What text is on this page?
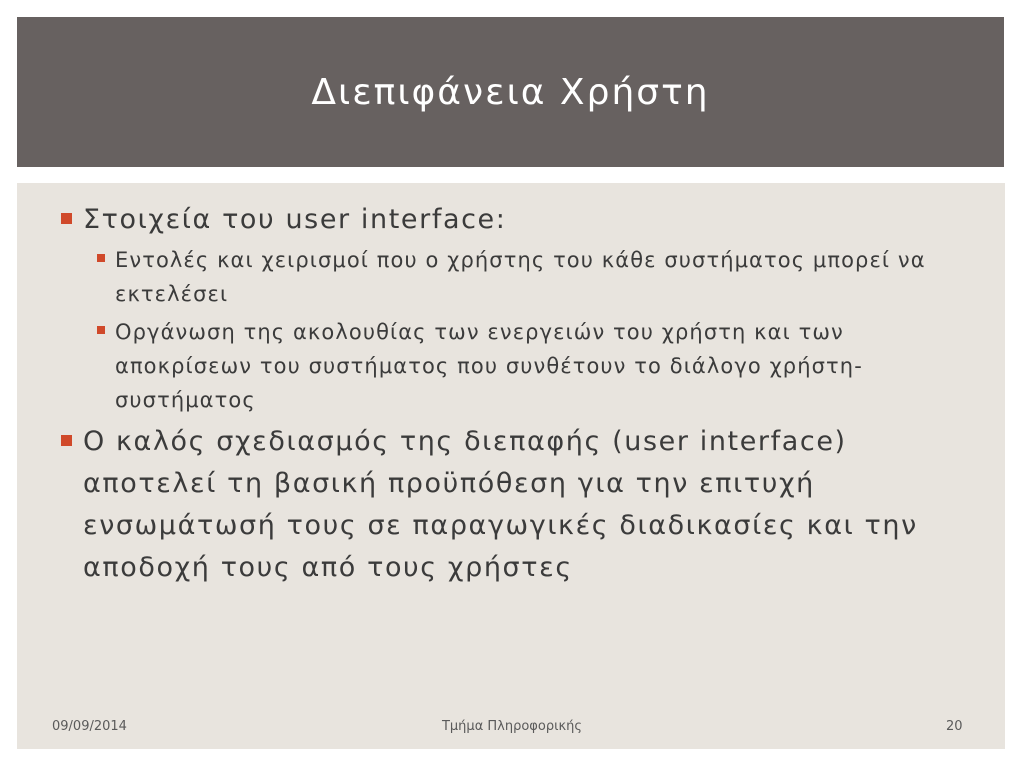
Διεπιφάνεια Χρήστη
Στοιχεία του user interface:
Εντολές και χειρισμοί που ο χρήστης του κάθε συστήματος μπορεί να εκτελέσει
Οργάνωση της ακολουθίας των ενεργειών του χρήστη και των αποκρίσεων του συστήματος που συνθέτουν το διάλογο χρήστη-συστήματος
Ο καλός σχεδιασμός της διεπαφής (user interface) αποτελεί τη βασική προϋπόθεση για την επιτυχή ενσωμάτωσή τους σε παραγωγικές διαδικασίες και την αποδοχή τους από τους χρήστες
09/09/2014	Τμήμα Πληροφορικής	20
